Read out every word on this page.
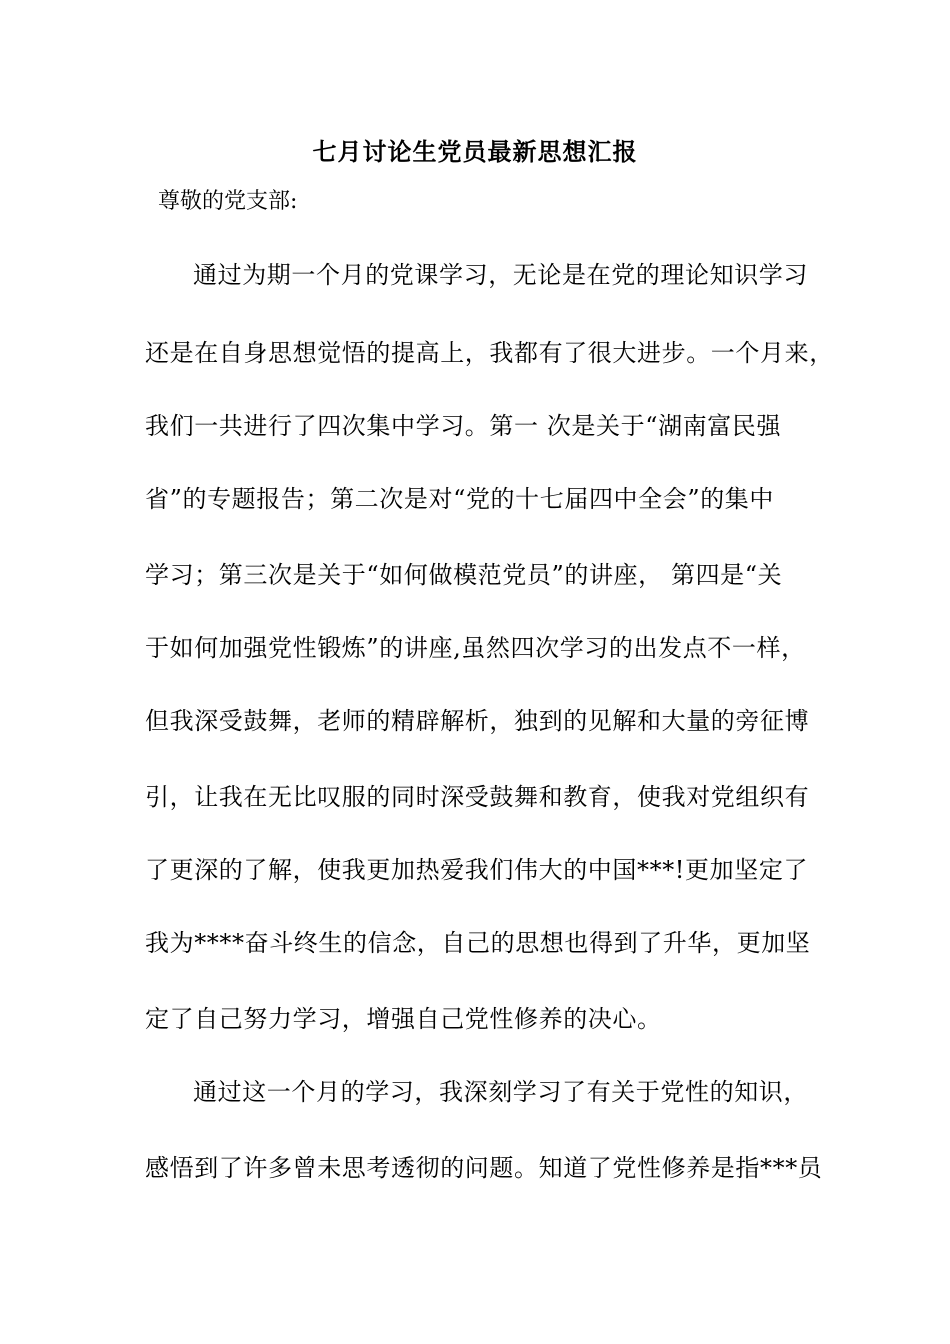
七月讨论生党员最新思想汇报
尊敬的党支部:
通过为期一个月的党课学习，无论是在党的理论知识学习
还是在自身思想觉悟的提高上，我都有了很大进步。一个月来，
我们一共进行了四次集中学习。第一 次是关于“湖南富民强
省”的专题报告；第二次是对“党的十七届四中全会”的集中
学习；第三次是关于“如何做模范党员”的讲座， 第四是“关
于如何加强党性锻炼”的讲座,虽然四次学习的出发点不一样，
但我深受鼓舞，老师的精辟解析，独到的见解和大量的旁征博
引，让我在无比叹服的同时深受鼓舞和教育，使我对党组织有
了更深的了解，使我更加热爱我们伟大的中国***!更加坚定了
我为****奋斗终生的信念，自己的思想也得到了升华，更加坚
定了自己努力学习，增强自己党性修养的决心。
通过这一个月的学习，我深刻学习了有关于党性的知识，
感悟到了许多曾未思考透彻的问题。知道了党性修养是指***员
